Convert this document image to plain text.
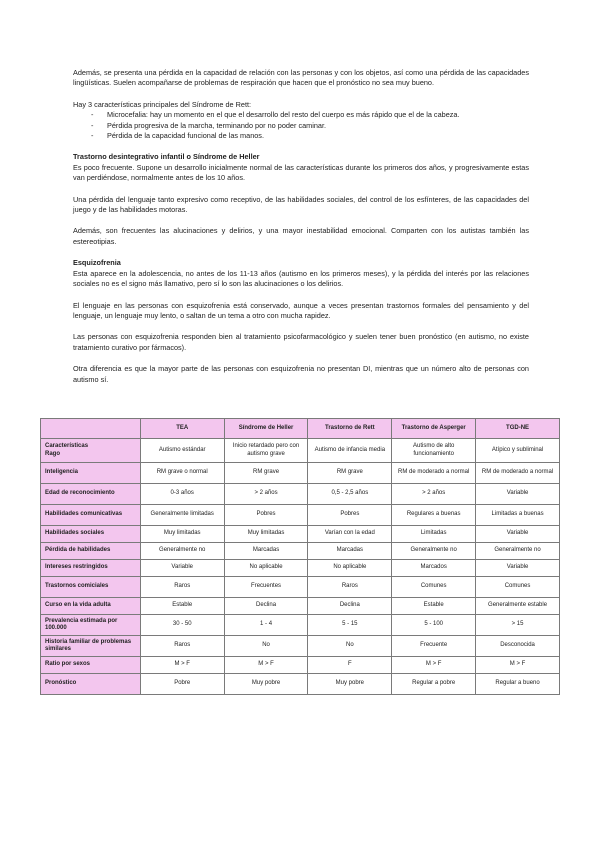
Además, se presenta una pérdida en la capacidad de relación con las personas y con los objetos, así como una pérdida de las capacidades lingüísticas. Suelen acompañarse de problemas de respiración que hacen que el pronóstico no sea muy bueno.

Hay 3 características principales del Síndrome de Rett:

- Microcefalia: hay un momento en el que el desarrollo del resto del cuerpo es más rápido que el de la cabeza.
- Pérdida progresiva de la marcha, terminando por no poder caminar.
- Pérdida de la capacidad funcional de las manos.

Trastorno desintegrativo infantil o Síndrome de Heller

Es poco frecuente. Supone un desarrollo inicialmente normal de las características durante los primeros dos años, y progresivamente estas van perdiéndose, normalmente antes de los 10 años.

Una pérdida del lenguaje tanto expresivo como receptivo, de las habilidades sociales, del control de los esfínteres, de las capacidades del juego y de las habilidades motoras.

Además, son frecuentes las alucinaciones y delirios, y una mayor inestabilidad emocional. Comparten con los autistas también las estereotipias.

Esquizofrenia

Esta aparece en la adolescencia, no antes de los 11-13 años (autismo en los primeros meses), y la pérdida del interés por las relaciones sociales no es el signo más llamativo, pero sí lo son las alucinaciones o los delirios.

El lenguaje en las personas con esquizofrenia está conservado, aunque a veces presentan trastornos formales del pensamiento y del lenguaje, un lenguaje muy lento, o saltan de un tema a otro con mucha rapidez.

Las personas con esquizofrenia responden bien al tratamiento psicofarmacológico y suelen tener buen pronóstico (en autismo, no existe tratamiento curativo por fármacos).

Otra diferencia es que la mayor parte de las personas con esquizofrenia no presentan DI, mientras que un número alto de personas con autismo sí.

	TEA	Síndrome de Heller	Trastorno de Rett	Trastorno de Asperger	TGD-NE
Características
Rago	Autismo estándar	Inicio retardado pero con autismo grave	Autismo de infancia media	Autismo de alto funcionamiento	Atípico y subliminal
Inteligencia	RM grave o normal	RM grave	RM grave	RM de moderado a normal	RM de moderado a normal
Edad de reconocimiento	0-3 años	> 2 años	0,5 - 2,5 años	> 2 años	Variable
Habilidades comunicativas	Generalmente limitadas	Pobres	Pobres	Regulares a buenas	Limitadas a buenas
Habilidades sociales	Muy limitadas	Muy limitadas	Varían con la edad	Limitadas	Variable
Pérdida de habilidades	Generalmente no	Marcadas	Marcadas	Generalmente no	Generalmente no
Intereses restringidos	Variable	No aplicable	No aplicable	Marcados	Variable
Trastornos comiciales	Raros	Frecuentes	Raros	Comunes	Comunes
Curso en la vida adulta	Estable	Declina	Declina	Estable	Generalmente estable
Prevalencia estimada por 100.000	30 - 50	1 - 4	5 - 15	5 - 100	> 15
Historia familiar de problemas similares	Raros	No	No	Frecuente	Desconocida
Ratio por sexos	M > F	M > F	F	M > F	M > F
Pronóstico	Pobre	Muy pobre	Muy pobre	Regular a pobre	Regular a bueno
